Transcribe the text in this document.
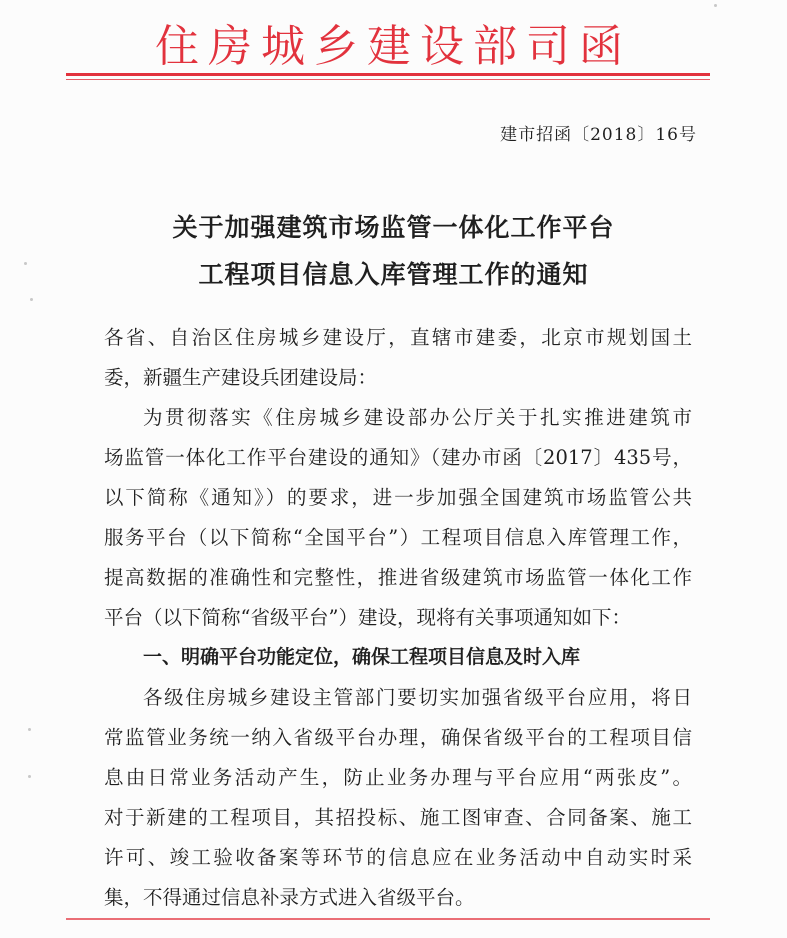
住房城乡建设部司函
建市招函〔2018〕16号
关于加强建筑市场监管一体化工作平台
工程项目信息入库管理工作的通知
各省、自治区住房城乡建设厅，直辖市建委，北京市规划国土
委，新疆生产建设兵团建设局：
为贯彻落实《住房城乡建设部办公厅关于扎实推进建筑市
场监管一体化工作平台建设的通知》（建办市函〔2017〕435号，
以下简称《通知》）的要求，进一步加强全国建筑市场监管公共
服务平台（以下简称“全国平台”）工程项目信息入库管理工作，
提高数据的准确性和完整性，推进省级建筑市场监管一体化工作
平台（以下简称“省级平台”）建设，现将有关事项通知如下：
一、明确平台功能定位，确保工程项目信息及时入库
各级住房城乡建设主管部门要切实加强省级平台应用，将日
常监管业务统一纳入省级平台办理，确保省级平台的工程项目信
息由日常业务活动产生，防止业务办理与平台应用“两张皮”。
对于新建的工程项目，其招投标、施工图审查、合同备案、施工
许可、竣工验收备案等环节的信息应在业务活动中自动实时采
集，不得通过信息补录方式进入省级平台。
